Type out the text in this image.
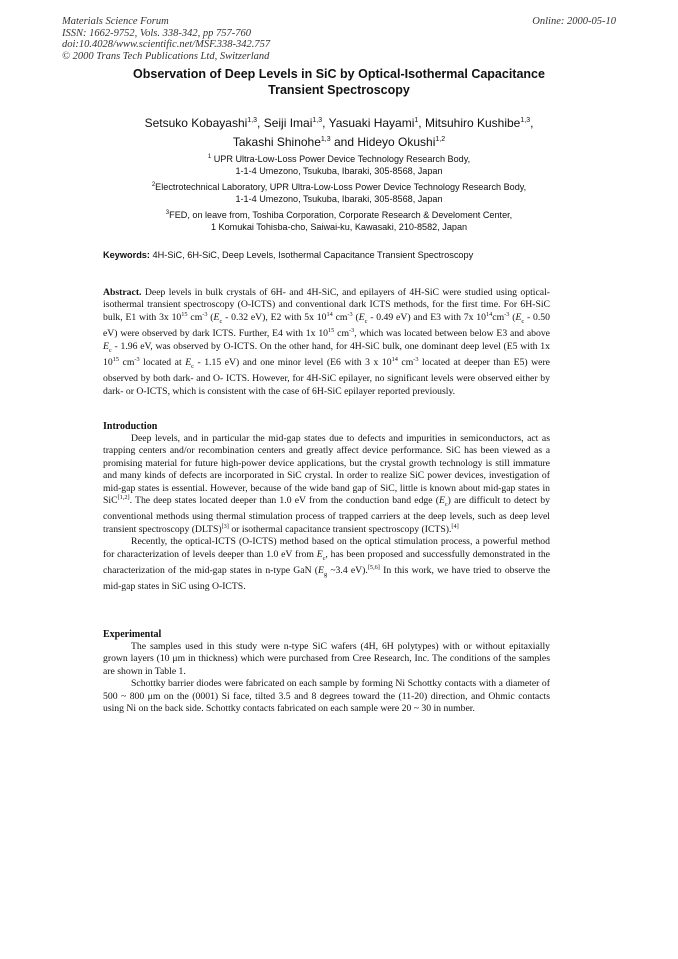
Materials Science Forum
ISSN: 1662-9752, Vols. 338-342, pp 757-760
doi:10.4028/www.scientific.net/MSF.338-342.757
© 2000 Trans Tech Publications Ltd, Switzerland
Online: 2000-05-10
Observation of Deep Levels in SiC by Optical-Isothermal Capacitance
Transient Spectroscopy
Setsuko Kobayashi$^{1,3}$, Seiji Imai$^{1,3}$, Yasuaki Hayami$^1$, Mitsuhiro Kushibe$^{1,3}$,
Takashi Shinohe$^{1,3}$ and Hideyo Okushi$^{1,2}$
$^1$ UPR Ultra-Low-Loss Power Device Technology Research Body,
1-1-4 Umezono, Tsukuba, Ibaraki, 305-8568, Japan
$^2$Electrotechnical Laboratory, UPR Ultra-Low-Loss Power Device Technology Research Body,
1-1-4 Umezono, Tsukuba, Ibaraki, 305-8568, Japan
$^3$FED, on leave from, Toshiba Corporation, Corporate Research & Develoment Center,
1 Komukai Tohisba-cho, Saiwai-ku, Kawasaki, 210-8582, Japan
Keywords: 4H-SiC, 6H-SiC, Deep Levels, Isothermal Capacitance Transient Spectroscopy

Abstract. Deep levels in bulk crystals of 6H- and 4H-SiC, and epilayers of 4H-SiC were studied using optical-isothermal transient spectroscopy (O-ICTS) and conventional dark ICTS methods, for the first time. For 6H-SiC bulk, E1 with 3x $10^{15}$ $cm^{-3}$ ($E_c - 0.32$ eV), E2 with 5x $10^{14}$ $cm^{-3}$ ($E_c - 0.49$ eV) and E3 with 7x $10^{14}cm^{-3}$ ($E_c - 0.50$ eV) were observed by dark ICTS. Further, E4 with 1x $10^{15}$ $cm^{-3}$, which was located between below E3 and above $E_c - 1.96$ eV, was observed by O-ICTS. On the other hand, for 4H-SiC bulk, one dominant deep level (E5 with 1x $10^{15}$ $cm^{-3}$ located at $E_c - 1.15$ eV) and one minor level (E6 with 3 x $10^{14}$ $cm^{-3}$ located at deeper than E5) were observed by both dark- and O- ICTS. However, for 4H-SiC epilayer, no significant levels were observed either by dark- or O-ICTS, which is consistent with the case of 6H-SiC epilayer reported previously.

Introduction

Deep levels, and in particular the mid-gap states due to defects and impurities in semiconductors, act as trapping centers and/or recombination centers and greatly affect device performance. SiC has been viewed as a promising material for future high-power device applications, but the crystal growth technology is still immature and many kinds of defects are incorporated in SiC crystal. In order to realize SiC power devices, investigation of mid-gap states is essential. However, because of the wide band gap of SiC, little is known about mid-gap states in SiC[1,2]. The deep states located deeper than 1.0 eV from the conduction band edge $(E_c)$ are difficult to detect by conventional methods using thermal stimulation process of trapped carriers at the deep levels, such as deep level transient spectroscopy (DLTS)[3] or isothermal capacitance transient spectroscopy (ICTS).[4]

Recently, the optical-ICTS (O-ICTS) method based on the optical stimulation process, a powerful method for characterization of levels deeper than 1.0 eV from $E_c$, has been proposed and successfully demonstrated in the characterization of the mid-gap states in n-type GaN ($E_g$ ~3.4 eV).[5,6] In this work, we have tried to observe the mid-gap states in SiC using O-ICTS.

Experimental

The samples used in this study were n-type SiC wafers (4H, 6H polytypes) with or without epitaxially grown layers (10 μm in thickness) which were purchased from Cree Research, Inc. The conditions of the samples are shown in Table 1.

Schottky barrier diodes were fabricated on each sample by forming Ni Schottky contacts with a diameter of 500 ~ 800 μm on the (0001) Si face, tilted 3.5 and 8 degrees toward the (11-20) direction, and Ohmic contacts using Ni on the back side. Schottky contacts fabricated on each sample were 20 ~ 30 in number.
